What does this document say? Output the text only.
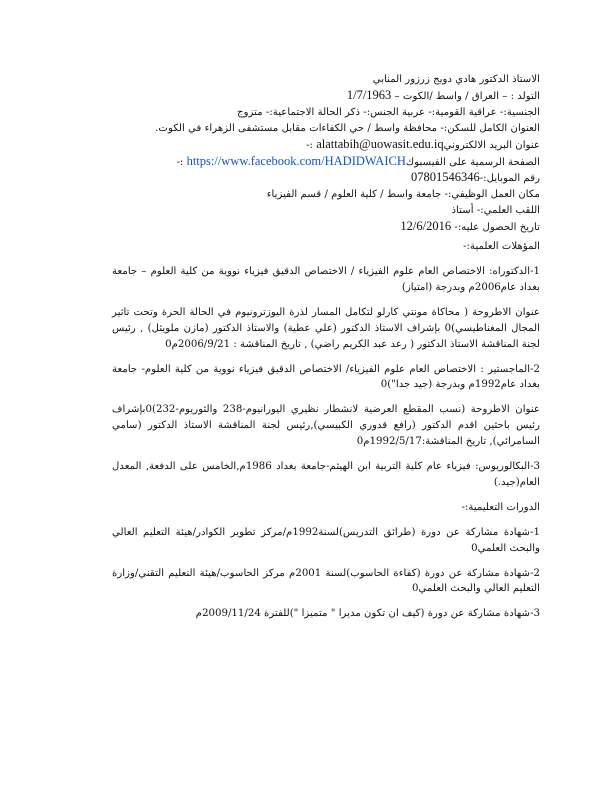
الاستاذ الدكتور هادي دويج زرزور المنابي

التولد : – العراق / واسط /الكوت – 1/7/1963

الجنسية:- عراقية القومية:- عربية الجنس:- ذكر الحالة الاجتماعية:- متزوج

العنوان الكامل للسكن:- محافظة واسط / حي الكفاءات مقابل مستشفى الزهراء في الكوت.

عنوان البريد الالكترونيalattabih@uowasit.edu.iq :-

الصفحة الرسمية على الفيسبوكhttps://www.facebook.com/HADIDWAICH :-

رقم الموبايل:-07801546346

مكان العمل الوظيفي:- جامعة واسط / كلية العلوم / قسم الفيزياء

اللقب العلمي:- أستاذ

تاريخ الحصول عليه:- 12/6/2016

المؤهلات العلمية:-

1-الدكتوراه: الاختصاص العام علوم الفيزياء / الاختصاص الدقيق فيزياء نووية من كلية العلوم – جامعة بغداد عام2006م وبدرجة (امتياز)

عنوان الاطروحة ( محاكاة مونتي كارلو لتكامل المسار لذرة اليوزترونيوم في الحالة الحرة وتحت تاثير المجال المغناطيسي)0 بإشراف الاستاذ الدكتور (علي عطية) والاستاذ الدكتور (مازن ملويثل) , رئيس لجنة المناقشة الاستاذ الدكتور ( رعد عبد الكريم راضي) , تاريخ المناقشة : 2006/9/21م0

2-الماجستير : الاختصاص العام علوم الفيزياء/ الاختصاص الدقيق فيزياء نووية من كلية العلوم- جامعة بغداد عام1992م وبدرجة (جيد جدا")0

عنوان الاطروحة (نسب المقطع العرضية لانشطار نظيري اليورانيوم-238 والثوريوم-232)0بإشراف رئيس باحثين اقدم الدكتور (رافع قدوري الكبيسي),رئيس لجنة المناقشة الاستاذ الدكتور (سامي السامرائي), تاريخ المناقشة:1992/5/17م0

3-البكالوريوس: فيزياء عام كلية التربية ابن الهيثم-جامعة بغداد 1986م,الخامس على الدفعة, المعدل العام(جيد.)

الدورات التعليمية:-

1-شهادة مشاركة عن دورة (طرائق التدريس)لسنة1992م/مركز تطوير الكوادر/هيئة التعليم العالي والبحث العلمي0

2-شهادة مشاركة عن دورة (كفاءة الحاسوب)لسنة 2001م مركز الحاسوب/هيئة التعليم التقني/وزارة التعليم العالي والبحث العلمي0

3-شهادة مشاركة عن دورة (كيف ان تكون مديرا " متميزا ")للفترة 2009/11/24م
